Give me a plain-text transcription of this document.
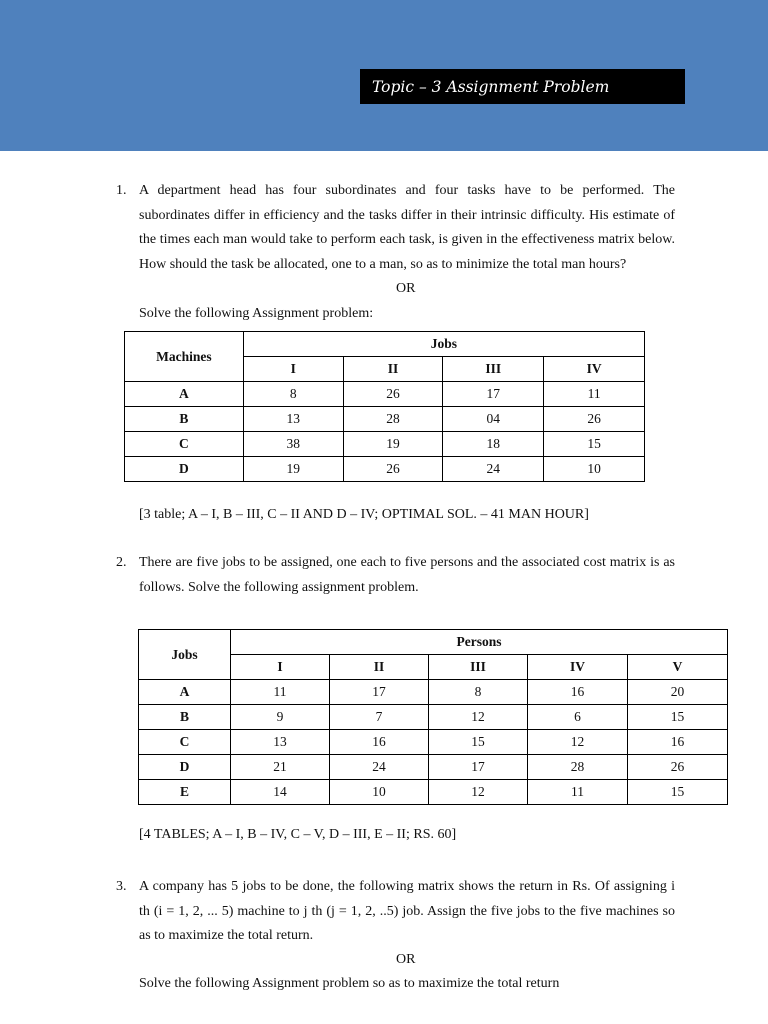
Topic – 3 Assignment Problem
1. A department head has four subordinates and four tasks have to be performed. The subordinates differ in efficiency and the tasks differ in their intrinsic difficulty. His estimate of the times each man would take to perform each task, is given in the effectiveness matrix below. How should the task be allocated, one to a man, so as to minimize the total man hours?
OR
Solve the following Assignment problem:
Machines	Jobs			
	I	II	III	IV
A	8	26	17	11
B	13	28	04	26
C	38	19	18	15
D	19	26	24	10
[3 table; A – I, B – III, C – II AND D – IV; OPTIMAL SOL. – 41 MAN HOUR]
2. There are five jobs to be assigned, one each to five persons and the associated cost matrix is as follows. Solve the following assignment problem.
Jobs	Persons				
	I	II	III	IV	V
A	11	17	8	16	20
B	9	7	12	6	15
C	13	16	15	12	16
D	21	24	17	28	26
E	14	10	12	11	15
[4 TABLES; A – I, B – IV, C – V, D – III, E – II; RS. 60]
3. A company has 5 jobs to be done, the following matrix shows the return in Rs. Of assigning i th (i = 1, 2, ... 5) machine to j th (j = 1, 2, ..5) job. Assign the five jobs to the five machines so as to maximize the total return.
OR
Solve the following Assignment problem so as to maximize the total return
